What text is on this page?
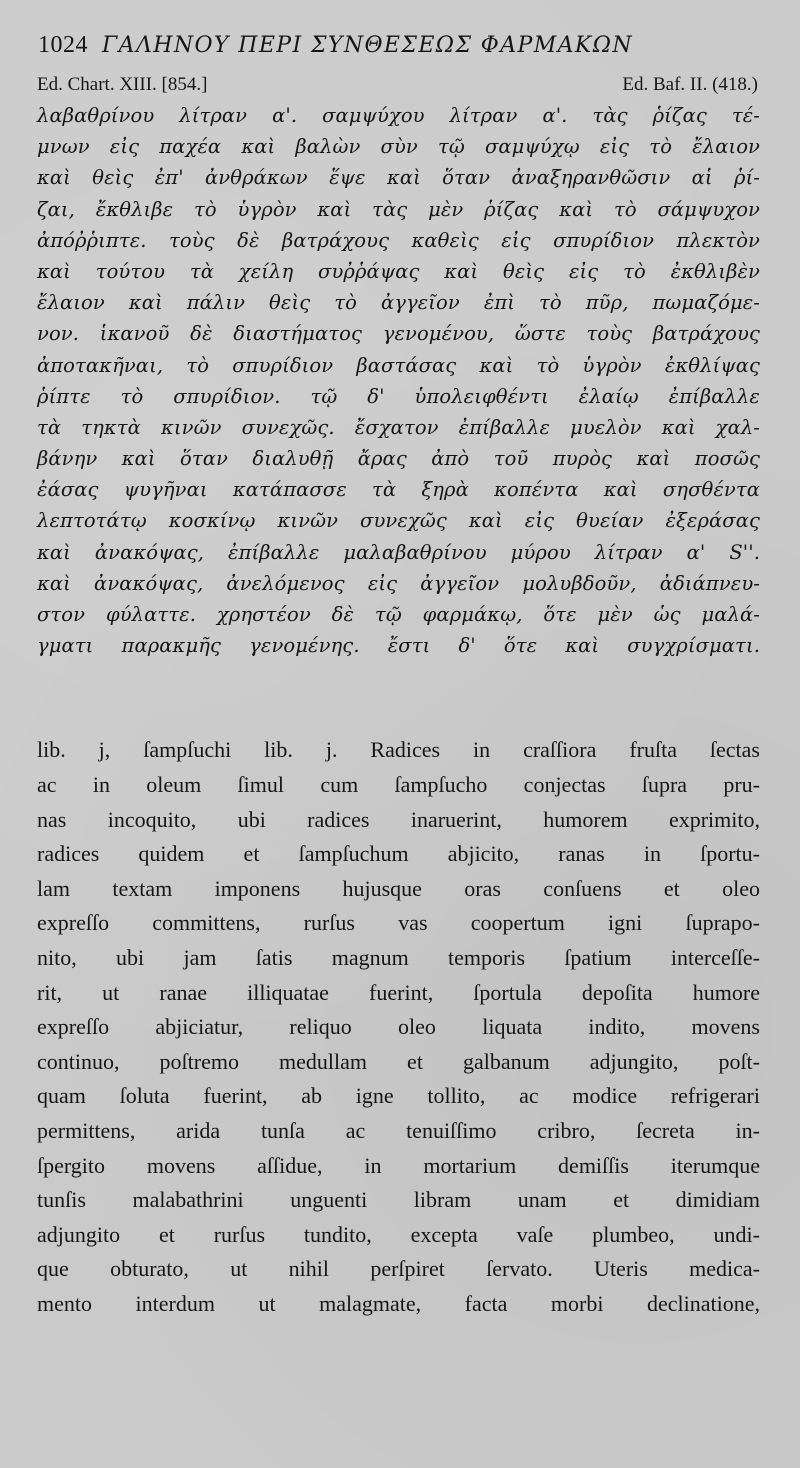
1024 ΓΑΛΗΝΟΥ ΠΕΡΙ ΣΥΝΘΕΣΕΩΣ ΦΑΡΜΑΚΩΝ
Ed. Chart. XIII. [854.]	Ed. Baf. II. (418.)
λαβαθρίνου λίτραν α'. σαμψύχου λίτραν α'. τὰς ῥίζας τέ-
μνων εἰς παχέα καὶ βαλὼν σὺν τῷ σαμψύχῳ εἰς τὸ ἔλαιον
καὶ θεὶς ἐπ' ἀνθράκων ἕψε καὶ ὅταν ἀναξηρανθῶσιν αἱ ῥί-
ζαι, ἔκθλιβε τὸ ὑγρὸν καὶ τὰς μὲν ῥίζας καὶ τὸ σάμψυχον
ἀπόῤῥιπτε. τοὺς δὲ βατράχους καθεὶς εἰς σπυρίδιον πλεκτὸν
καὶ τούτου τὰ χείλη συῤῥάψας καὶ θεὶς εἰς τὸ ἐκθλιβὲν
ἔλαιον καὶ πάλιν θεὶς τὸ ἀγγεῖον ἐπὶ τὸ πῦρ, πωμαζόμε-
νον. ἱκανοῦ δὲ διαστήματος γενομένου, ὥστε τοὺς βατράχους
ἀποτακῆναι, τὸ σπυρίδιον βαστάσας καὶ τὸ ὑγρὸν ἐκθλίψας
ῥίπτε τὸ σπυρίδιον. τῷ δ' ὑπολειφθέντι ἐλαίῳ ἐπίβαλλε
τὰ τηκτὰ κινῶν συνεχῶς. ἔσχατον ἐπίβαλλε μυελὸν καὶ χαλ-
βάνην καὶ ὅταν διαλυθῇ ἄρας ἀπὸ τοῦ πυρὸς καὶ ποσῶς
ἐάσας ψυγῆναι κατάπασσε τὰ ξηρὰ κοπέντα καὶ σησθέντα
λεπτοτάτῳ κοσκίνῳ κινῶν συνεχῶς καὶ εἰς θυείαν ἐξεράσας
καὶ ἀνακόψας, ἐπίβαλλε μαλαβαθρίνου μύρου λίτραν α' S''.
καὶ ἀνακόψας, ἀνελόμενος εἰς ἀγγεῖον μολυβδοῦν, ἀδιάπνευ-
στον φύλαττε. χρηστέον δὲ τῷ φαρμάκῳ, ὅτε μὲν ὡς μαλά-
γματι παρακμῆς γενομένης. ἔστι δ' ὅτε καὶ συγχρίσματι.
lib. j, ſampſuchi lib. j. Radices in craſſiora fruſta ſectas
ac in oleum ſimul cum ſampſucho conjectas ſupra pru-
nas incoquito, ubi radices inaruerint, humorem exprimito,
radices quidem et ſampſuchum abjicito, ranas in ſportu-
lam textam imponens hujusque oras conſuens et oleo
expreſſo committens, rurſus vas coopertum igni ſuprapo-
nito, ubi jam ſatis magnum temporis ſpatium interceſſe-
rit, ut ranae illiquatae fuerint, ſportula depoſita humore
expreſſo abjiciatur, reliquo oleo liquata indito, movens
continuo, poſtremo medullam et galbanum adjungito, poſt-
quam ſoluta fuerint, ab igne tollito, ac modice refrigerari
permittens, arida tunſa ac tenuiſſimo cribro, ſecreta in-
ſpergito movens aſſidue, in mortarium demiſſis iterumque
tunſis malabathrini unguenti libram unam et dimidiam
adjungito et rurſus tundito, excepta vaſe plumbeo, undi-
que obturato, ut nihil perſpiret ſervato. Uteris medica-
mento interdum ut malagmate, facta morbi declinatione,
